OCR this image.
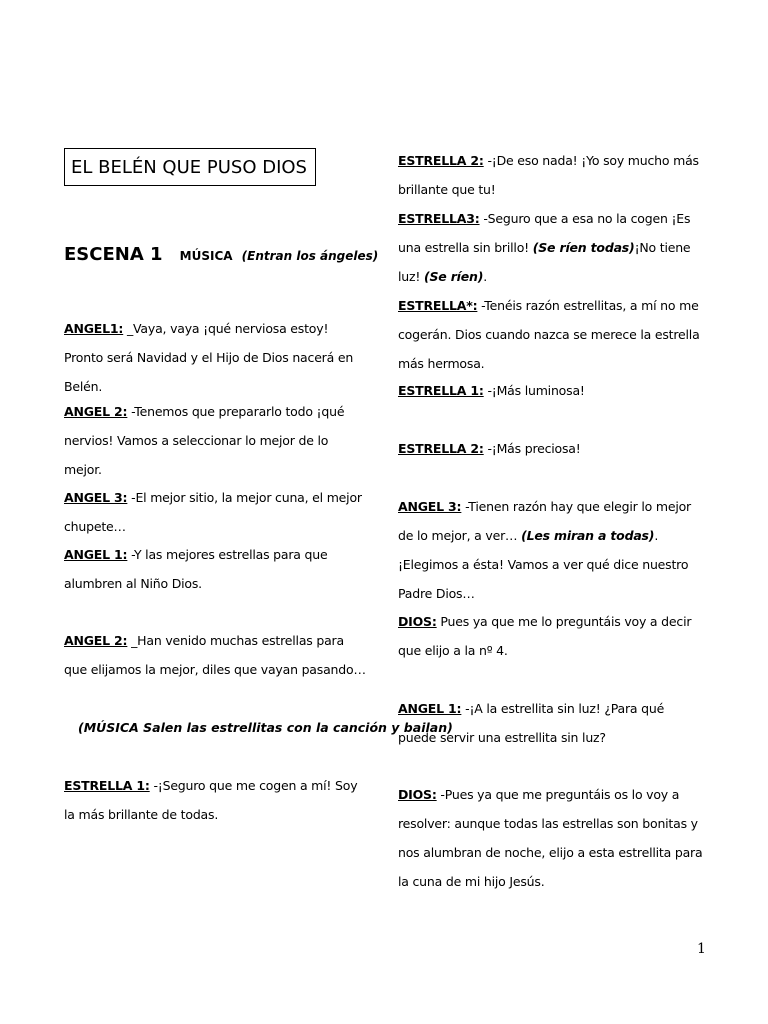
EL BELÉN QUE PUSO DIOS
ESCENA 1 MÚSICA (Entran los ángeles)
ANGEL1: _Vaya, vaya ¡qué nerviosa estoy! Pronto será Navidad y el Hijo de Dios nacerá en Belén.
ANGEL 2: -Tenemos que prepararlo todo ¡qué nervios! Vamos a seleccionar lo mejor de lo mejor.
ANGEL 3: -El mejor sitio, la mejor cuna, el mejor chupete…
ANGEL 1: -Y las mejores estrellas para que alumbren al Niño Dios.
ANGEL 2: _Han venido muchas estrellas para que elijamos la mejor, diles que vayan pasando…
(MÚSICA Salen las estrellitas con la canción y bailan)
ESTRELLA 1: -¡Seguro que me cogen a mí! Soy la más brillante de todas.
ESTRELLA 2: -¡De eso nada! ¡Yo soy mucho más brillante que tu!
ESTRELLA3: -Seguro que a esa no la cogen ¡Es una estrella sin brillo! (Se ríen todas)¡No tiene luz! (Se ríen).
ESTRELLA*: -Tenéis razón estrellitas, a mí no me cogerán. Dios cuando nazca se merece la estrella más hermosa.
ESTRELLA 1: -¡Más luminosa!
ESTRELLA 2: -¡Más preciosa!
ANGEL 3: -Tienen razón hay que elegir lo mejor de lo mejor, a ver… (Les miran a todas). ¡Elegimos a ésta! Vamos a ver qué dice nuestro Padre Dios…
DIOS: Pues ya que me lo preguntáis voy a decir que elijo a la nº 4.
ANGEL 1: -¡A la estrellita sin luz! ¿Para qué puede servir una estrellita sin luz?
DIOS: -Pues ya que me preguntáis os lo voy a resolver: aunque todas las estrellas son bonitas y nos alumbran de noche, elijo a esta estrellita para la cuna de mi hijo Jesús.
1
